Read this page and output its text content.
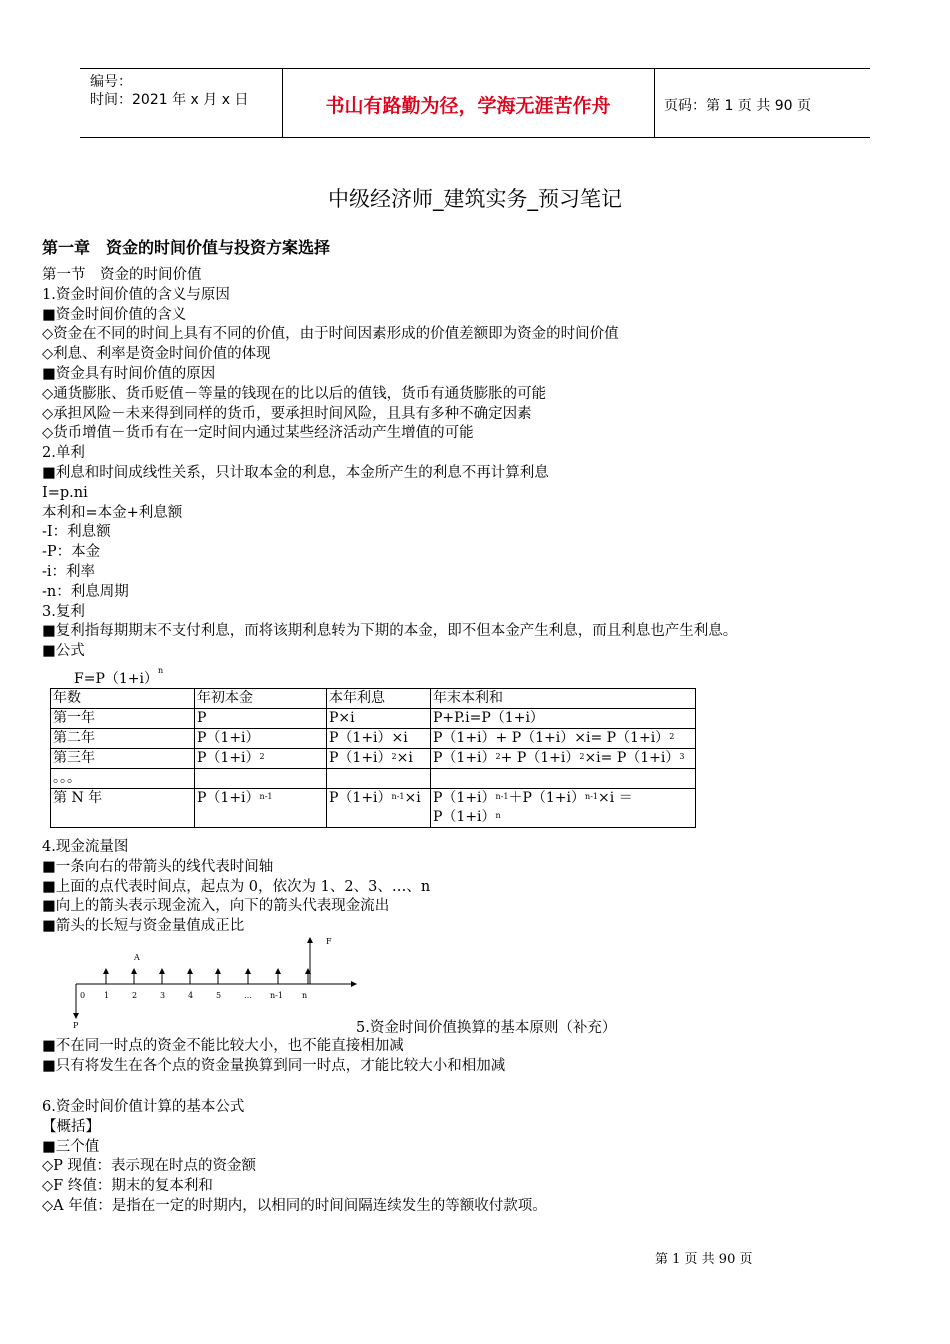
编号：
时间：2021 年 x 月 x 日	书山有路勤为径，学海无涯苦作舟	页码：第 1 页 共 90 页
中级经济师_建筑实务_预习笔记
第一章　资金的时间价值与投资方案选择
第一节　资金的时间价值
1.资金时间价值的含义与原因
■资金时间价值的含义
◇资金在不同的时间上具有不同的价值，由于时间因素形成的价值差额即为资金的时间价值
◇利息、利率是资金时间价值的体现
■资金具有时间价值的原因
◇通货膨胀、货币贬值－等量的钱现在的比以后的值钱，货币有通货膨胀的可能
◇承担风险－未来得到同样的货币，要承担时间风险，且具有多种不确定因素
◇货币增值－货币有在一定时间内通过某些经济活动产生增值的可能
2.单利
■利息和时间成线性关系，只计取本金的利息，本金所产生的利息不再计算利息
I=p.ni
本利和=本金+利息额
-I：利息额
-P：本金
-i：利率
-n：利息周期
3.复利
■复利指每期期末不支付利息，而将该期利息转为下期的本金，即不但本金产生利息，而且利息也产生利息。
■公式
$F=P(1+i)^n$
年数	年初本金	本年利息	年末本利和
第一年	P	P×i	P+P.i=P（1+i）
第二年	P（1+i）	P（1+i）×i	$P(1+i)+ P(1+i)\times i= P(1+i)^2$
第三年	$P(1+i)^2$	$P(1+i)^2\times i$	$P(1+i)^2+ P(1+i)^2\times i= P(1+i)^3$
。。。			
第 N 年	$P(1+i)^{n-1}$	$P(1+i)^{n-1}\times i$	$P(1+i)^{n-1}+P(1+i)^{n-1}\times i$ ＝
$P(1+i)^n$
4.现金流量图
■一条向右的带箭头的线代表时间轴
■上面的点代表时间点，起点为 0，依次为 1、2、3、…、n
■向上的箭头表示现金流入，向下的箭头代表现金流出
■箭头的长短与资金量值成正比
A
F
P
0 1	2	3	4	5	… n-1 n
5.资金时间价值换算的基本原则（补充）
■不在同一时点的资金不能比较大小，也不能直接相加减
■只有将发生在各个点的资金量换算到同一时点，才能比较大小和相加减
6.资金时间价值计算的基本公式
【概括】
■三个值
◇P 现值：表示现在时点的资金额
◇F 终值：期末的复本利和
◇A 年值：是指在一定的时期内，以相同的时间间隔连续发生的等额收付款项。
第 1 页 共 90 页
